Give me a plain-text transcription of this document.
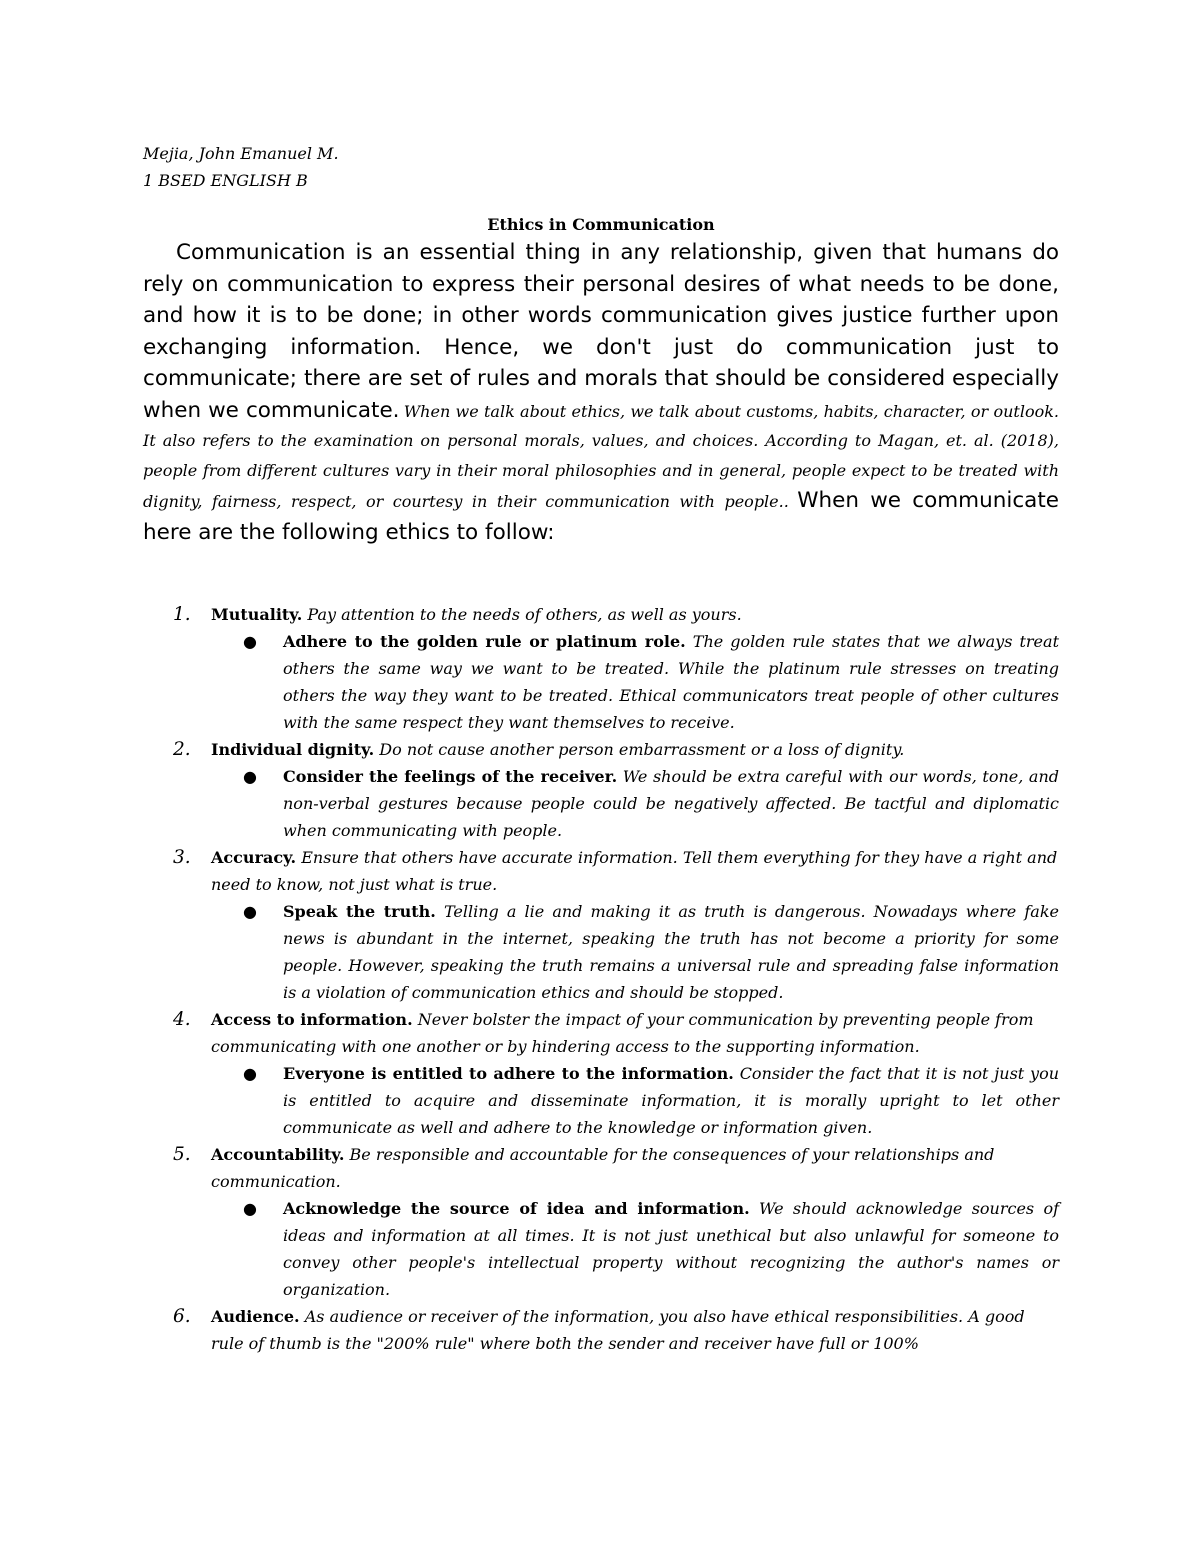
Mejia, John Emanuel M.

1 BSED ENGLISH B

Ethics in Communication

Communication is an essential thing in any relationship, given that humans do rely on communication to express their personal desires of what needs to be done, and how it is to be done; in other words communication gives justice further upon exchanging information. Hence, we don't just do communication just to communicate; there are set of rules and morals that should be considered especially when we communicate. When we talk about ethics, we talk about customs, habits, character, or outlook. It also refers to the examination on personal morals, values, and choices. According to Magan, et. al. (2018), people from different cultures vary in their moral philosophies and in general, people expect to be treated with dignity, fairness, respect, or courtesy in their communication with people.. When we communicate here are the following ethics to follow:

1. Mutuality. Pay attention to the needs of others, as well as yours.

● Adhere to the golden rule or platinum role. The golden rule states that we always treat others the same way we want to be treated. While the platinum rule stresses on treating others the way they want to be treated. Ethical communicators treat people of other cultures with the same respect they want themselves to receive.
2. Individual dignity. Do not cause another person embarrassment or a loss of dignity.

● Consider the feelings of the receiver. We should be extra careful with our words, tone, and non-verbal gestures because people could be negatively affected. Be tactful and diplomatic when communicating with people.
3. Accuracy. Ensure that others have accurate information. Tell them everything for they have a right and need to know, not just what is true.

● Speak the truth. Telling a lie and making it as truth is dangerous. Nowadays where fake news is abundant in the internet, speaking the truth has not become a priority for some people. However, speaking the truth remains a universal rule and spreading false information is a violation of communication ethics and should be stopped.
4. Access to information. Never bolster the impact of your communication by preventing people from communicating with one another or by hindering access to the supporting information.

● Everyone is entitled to adhere to the information. Consider the fact that it is not just you is entitled to acquire and disseminate information, it is morally upright to let other communicate as well and adhere to the knowledge or information given.
5. Accountability. Be responsible and accountable for the consequences of your relationships and communication.

● Acknowledge the source of idea and information. We should acknowledge sources of ideas and information at all times. It is not just unethical but also unlawful for someone to convey other people's intellectual property without recognizing the author's names or organization.
6. Audience. As audience or receiver of the information, you also have ethical responsibilities. A good rule of thumb is the "200% rule" where both the sender and receiver have full or 100%
